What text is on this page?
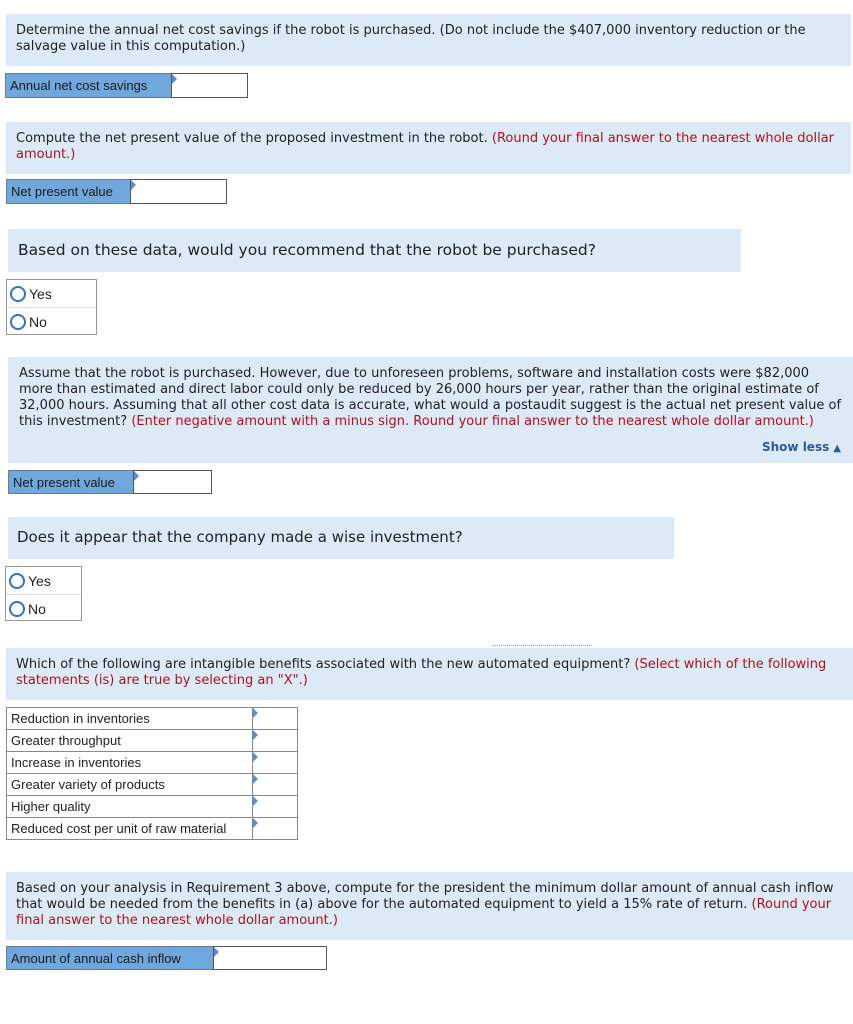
Determine the annual net cost savings if the robot is purchased. (Do not include the $407,000 inventory reduction or the salvage value in this computation.)
Annual net cost savings
Compute the net present value of the proposed investment in the robot. (Round your final answer to the nearest whole dollar amount.)
Net present value
Based on these data, would you recommend that the robot be purchased?
Yes
No
Assume that the robot is purchased. However, due to unforeseen problems, software and installation costs were $82,000 more than estimated and direct labor could only be reduced by 26,000 hours per year, rather than the original estimate of 32,000 hours. Assuming that all other cost data is accurate, what would a postaudit suggest is the actual net present value of this investment? (Enter negative amount with a minus sign. Round your final answer to the nearest whole dollar amount.)
Show less ▲
Net present value
Does it appear that the company made a wise investment?
Yes
No
Which of the following are intangible benefits associated with the new automated equipment? (Select which of the following statements (is) are true by selecting an "X".)
Reduction in inventories	
Greater throughput	
Increase in inventories	
Greater variety of products	
Higher quality	
Reduced cost per unit of raw material	
Based on your analysis in Requirement 3 above, compute for the president the minimum dollar amount of annual cash inflow that would be needed from the benefits in (a) above for the automated equipment to yield a 15% rate of return. (Round your final answer to the nearest whole dollar amount.)
Amount of annual cash inflow
